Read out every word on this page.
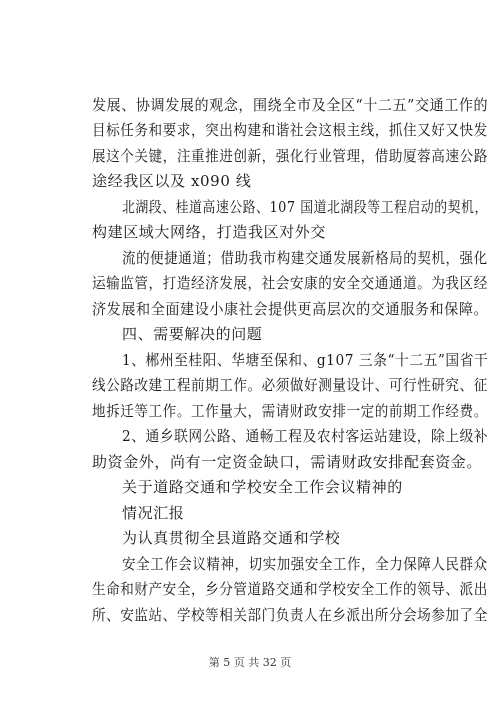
发展、协调发展的观念，围绕全市及全区“十二五”交通工作的
目标任务和要求，突出构建和谐社会这根主线，抓住又好又快发
展这个关键，注重推进创新，强化行业管理，借助厦蓉高速公路
途经我区以及 x090 线
北湖段、桂道高速公路、107 国道北湖段等工程启动的契机，
构建区域大网络，打造我区对外交
流的便捷通道；借助我市构建交通发展新格局的契机，强化
运输监管，打造经济发展，社会安康的安全交通通道。为我区经
济发展和全面建设小康社会提供更高层次的交通服务和保障。
四、需要解决的问题
1、郴州至桂阳、华塘至保和、g107 三条“十二五”国省干
线公路改建工程前期工作。必须做好测量设计、可行性研究、征
地拆迁等工作。工作量大，需请财政安排一定的前期工作经费。
2、通乡联网公路、通畅工程及农村客运站建设，除上级补
助资金外，尚有一定资金缺口，需请财政安排配套资金。
关于道路交通和学校安全工作会议精神的
情况汇报
为认真贯彻全县道路交通和学校
安全工作会议精神，切实加强安全工作，全力保障人民群众
生命和财产安全，乡分管道路交通和学校安全工作的领导、派出
所、安监站、学校等相关部门负责人在乡派出所分会场参加了全
第 5 页 共 32 页
